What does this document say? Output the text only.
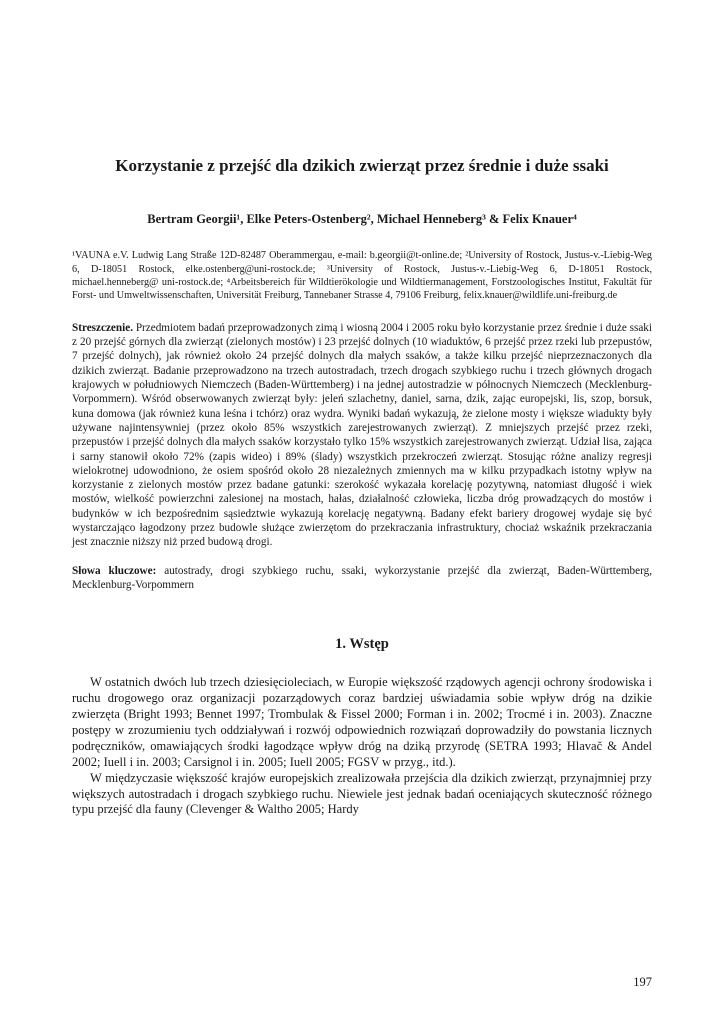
Korzystanie z przejść dla dzikich zwierząt przez średnie i duże ssaki

Bertram Georgii¹, Elke Peters-Ostenberg², Michael Henneberg³ & Felix Knauer⁴

¹VAUNA e.V. Ludwig Lang Straße 12D-82487 Oberammergau, e-mail: b.georgii@t-online.de; ²University of Rostock, Justus-v.-Liebig-Weg 6, D-18051 Rostock, elke.ostenberg@uni-rostock.de; ³University of Rostock, Justus-v.-Liebig-Weg 6, D-18051 Rostock, michael.henneberg@ uni-rostock.de; ⁴Arbeitsbereich für Wildtierökologie und Wildtiermanagement, Forstzoologisches Institut, Fakultät für Forst- und Umweltwissenschaften, Universität Freiburg, Tannebaner Strasse 4, 79106 Freiburg, felix.knauer@wildlife.uni-freiburg.de

Streszczenie. Przedmiotem badań przeprowadzonych zimą i wiosną 2004 i 2005 roku było korzystanie przez średnie i duże ssaki z 20 przejść górnych dla zwierząt (zielonych mostów) i 23 przejść dolnych (10 wiaduktów, 6 przejść przez rzeki lub przepustów, 7 przejść dolnych), jak również około 24 przejść dolnych dla małych ssaków, a także kilku przejść nieprzeznaczonych dla dzikich zwierząt. Badanie przeprowadzono na trzech autostradach, trzech drogach szybkiego ruchu i trzech głównych drogach krajowych w południowych Niemczech (Baden-Württemberg) i na jednej autostradzie w północnych Niemczech (Mecklenburg-Vorpommern). Wśród obserwowanych zwierząt były: jeleń szlachetny, daniel, sarna, dzik, zając europejski, lis, szop, borsuk, kuna domowa (jak również kuna leśna i tchórz) oraz wydra. Wyniki badań wykazują, że zielone mosty i większe wiadukty były używane najintensywniej (przez około 85% wszystkich zarejestrowanych zwierząt). Z mniejszych przejść przez rzeki, przepustów i przejść dolnych dla małych ssaków korzystało tylko 15% wszystkich zarejestrowanych zwierząt. Udział lisa, zająca i sarny stanowił około 72% (zapis wideo) i 89% (ślady) wszystkich przekroczeń zwierząt. Stosując różne analizy regresji wielokrotnej udowodniono, że osiem spośród około 28 niezależnych zmiennych ma w kilku przypadkach istotny wpływ na korzystanie z zielonych mostów przez badane gatunki: szerokość wykazała korelację pozytywną, natomiast długość i wiek mostów, wielkość powierzchni zalesionej na mostach, hałas, działalność człowieka, liczba dróg prowadzących do mostów i budynków w ich bezpośrednim sąsiedztwie wykazują korelację negatywną. Badany efekt bariery drogowej wydaje się być wystarczająco łagodzony przez budowle służące zwierzętom do przekraczania infrastruktury, chociaż wskaźnik przekraczania jest znacznie niższy niż przed budową drogi.

Słowa kluczowe: autostrady, drogi szybkiego ruchu, ssaki, wykorzystanie przejść dla zwierząt, Baden-Württemberg, Mecklenburg-Vorpommern

1. Wstęp

W ostatnich dwóch lub trzech dziesięcioleciach, w Europie większość rządowych agencji ochrony środowiska i ruchu drogowego oraz organizacji pozarządowych coraz bardziej uświadamia sobie wpływ dróg na dzikie zwierzęta (Bright 1993; Bennet 1997; Trombulak & Fissel 2000; Forman i in. 2002; Trocmé i in. 2003). Znaczne postępy w zrozumieniu tych oddziaływań i rozwój odpowiednich rozwiązań doprowadziły do powstania licznych podręczników, omawiających środki łagodzące wpływ dróg na dziką przyrodę (SETRA 1993; Hlavač & Andel 2002; Iuell i in. 2003; Carsignol i in. 2005; Iuell 2005; FGSV w przyg., itd.).

W międzyczasie większość krajów europejskich zrealizowała przejścia dla dzikich zwierząt, przynajmniej przy większych autostradach i drogach szybkiego ruchu. Niewiele jest jednak badań oceniających skuteczność różnego typu przejść dla fauny (Clevenger & Waltho 2005; Hardy

197
